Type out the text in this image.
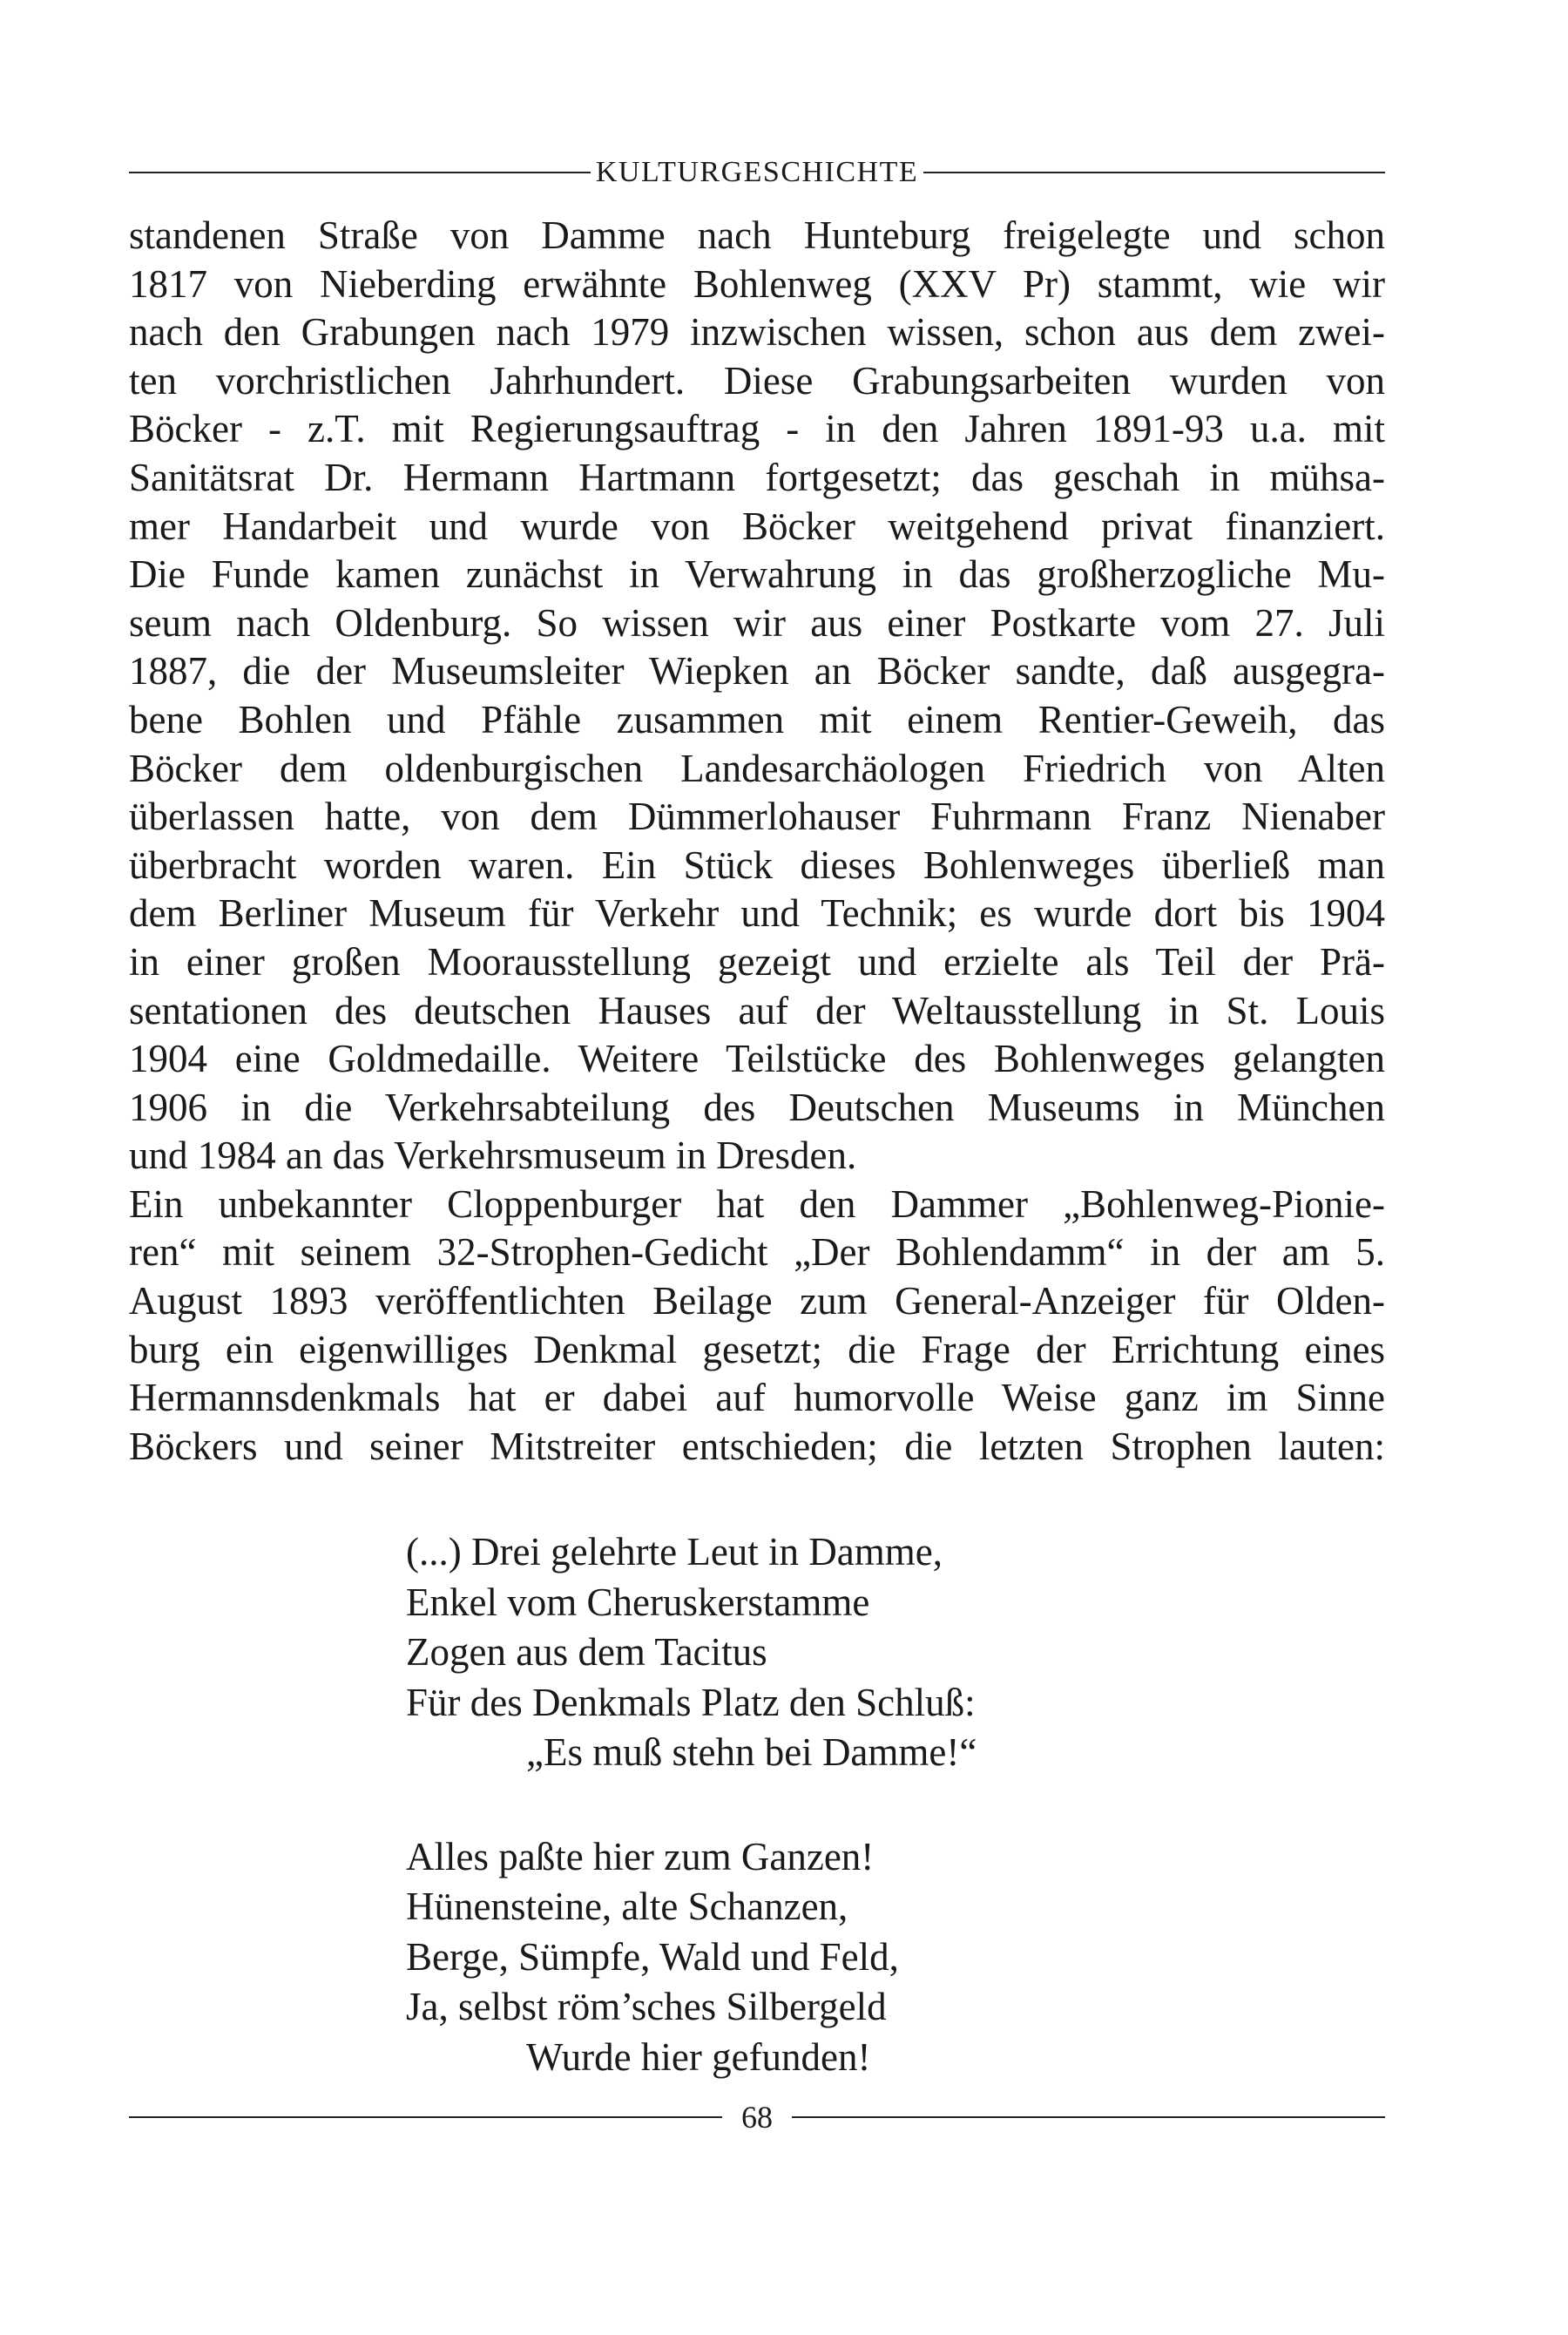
KULTURGESCHICHTE
standenen Straße von Damme nach Hunteburg freigelegte und schon
1817 von Nieberding erwähnte Bohlenweg (XXV Pr) stammt, wie wir
nach den Grabungen nach 1979 inzwischen wissen, schon aus dem zwei-
ten vorchristlichen Jahrhundert. Diese Grabungsarbeiten wurden von
Böcker - z.T. mit Regierungsauftrag - in den Jahren 1891-93 u.a. mit
Sanitätsrat Dr. Hermann Hartmann fortgesetzt; das geschah in mühsa-
mer Handarbeit und wurde von Böcker weitgehend privat finanziert.
Die Funde kamen zunächst in Verwahrung in das großherzogliche Mu-
seum nach Oldenburg. So wissen wir aus einer Postkarte vom 27. Juli
1887, die der Museumsleiter Wiepken an Böcker sandte, daß ausgegra-
bene Bohlen und Pfähle zusammen mit einem Rentier-Geweih, das
Böcker dem oldenburgischen Landesarchäologen Friedrich von Alten
überlassen hatte, von dem Dümmerlohauser Fuhrmann Franz Nienaber
überbracht worden waren. Ein Stück dieses Bohlenweges überließ man
dem Berliner Museum für Verkehr und Technik; es wurde dort bis 1904
in einer großen Moorausstellung gezeigt und erzielte als Teil der Prä-
sentationen des deutschen Hauses auf der Weltausstellung in St. Louis
1904 eine Goldmedaille. Weitere Teilstücke des Bohlenweges gelangten
1906 in die Verkehrsabteilung des Deutschen Museums in München
und 1984 an das Verkehrsmuseum in Dresden.
Ein unbekannter Cloppenburger hat den Dammer „Bohlenweg-Pionie-
ren“ mit seinem 32-Strophen-Gedicht „Der Bohlendamm“ in der am 5.
August 1893 veröffentlichten Beilage zum General-Anzeiger für Olden-
burg ein eigenwilliges Denkmal gesetzt; die Frage der Errichtung eines
Hermannsdenkmals hat er dabei auf humorvolle Weise ganz im Sinne
Böckers und seiner Mitstreiter entschieden; die letzten Strophen lauten:
(...) Drei gelehrte Leut in Damme,
Enkel vom Cheruskerstamme
Zogen aus dem Tacitus
Für des Denkmals Platz den Schluß:
„Es muß stehn bei Damme!“
Alles paßte hier zum Ganzen!
Hünensteine, alte Schanzen,
Berge, Sümpfe, Wald und Feld,
Ja, selbst röm’sches Silbergeld
Wurde hier gefunden!
68
